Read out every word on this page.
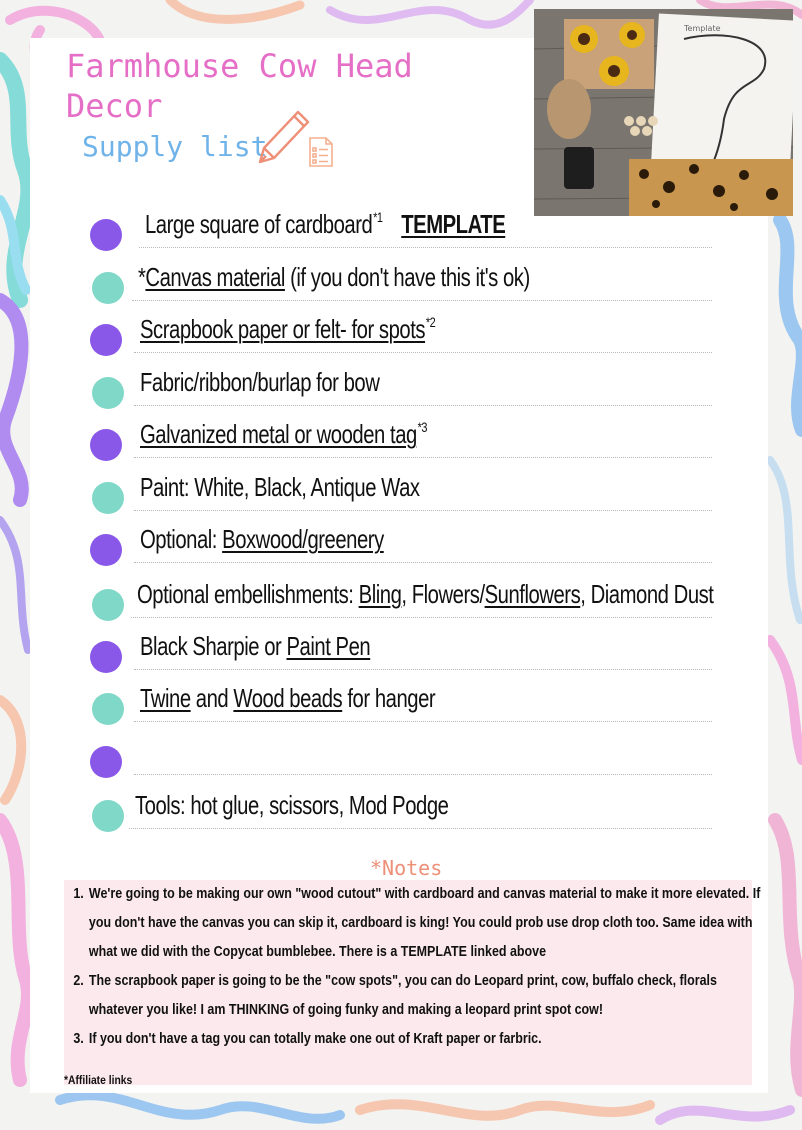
Farmhouse Cow Head Decor
Supply list
Template
Large square of cardboard$^{*1}$ TEMPLATE
*Canvas material (if you don't have this it's ok)
Scrapbook paper or felt- for spots$^{*2}$
Fabric/ribbon/burlap for bow
Galvanized metal or wooden tag$^{*3}$
Paint: White, Black, Antique Wax
Optional: Boxwood/greenery
Optional embellishments: Bling, Flowers/Sunflowers, Diamond Dust
Black Sharpie or Paint Pen
Twine and Wood beads for hanger
Tools: hot glue, scissors, Mod Podge
*Notes
1. We're going to be making our own "wood cutout" with cardboard and canvas material to make it more elevated. If you don't have the canvas you can skip it, cardboard is king! You could prob use drop cloth too. Same idea with what we did with the Copycat bumblebee. There is a TEMPLATE linked above
2. The scrapbook paper is going to be the "cow spots", you can do Leopard print, cow, buffalo check, florals whatever you like! I am THINKING of going funky and making a leopard print spot cow!
3. If you don't have a tag you can totally make one out of Kraft paper or farbric.
*Affiliate links
